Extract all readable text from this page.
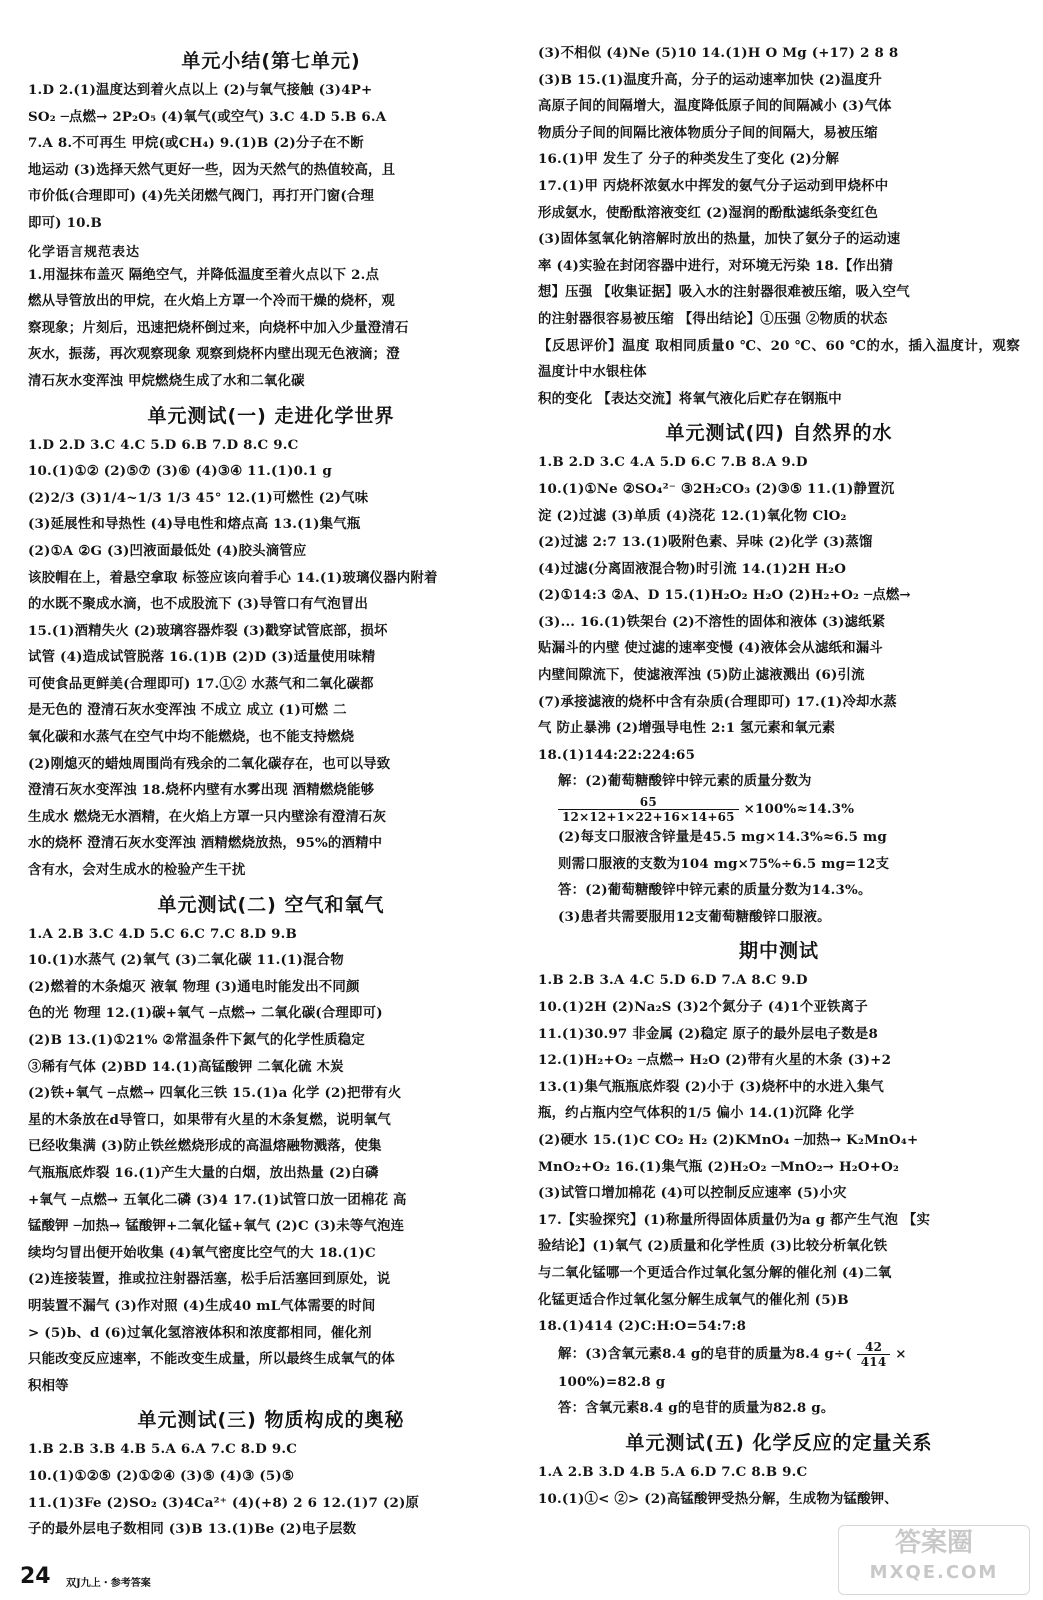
单元小结(第七单元)

1.D 2.(1)温度达到着火点以上 (2)与氧气接触 (3)4P+

SO₂ ─点燃→ 2P₂O₅ (4)氧气(或空气) 3.C 4.D 5.B 6.A

7.A 8.不可再生 甲烷(或CH₄) 9.(1)B (2)分子在不断

地运动 (3)选择天然气更好一些，因为天然气的热值较高，且

市价低(合理即可) (4)先关闭燃气阀门，再打开门窗(合理

即可) 10.B

化学语言规范表达

1.用湿抹布盖灭 隔绝空气，并降低温度至着火点以下 2.点

燃从导管放出的甲烷，在火焰上方罩一个冷而干燥的烧杯，观

察现象；片刻后，迅速把烧杯倒过来，向烧杯中加入少量澄清石

灰水，振荡，再次观察现象 观察到烧杯内壁出现无色液滴；澄

清石灰水变浑浊 甲烷燃烧生成了水和二氧化碳

单元测试(一) 走进化学世界

1.D 2.D 3.C 4.C 5.D 6.B 7.D 8.C 9.C

10.(1)①② (2)⑤⑦ (3)⑥ (4)③④ 11.(1)0.1 g

(2)2/3 (3)1/4~1/3 1/3 45° 12.(1)可燃性 (2)气味

(3)延展性和导热性 (4)导电性和熔点高 13.(1)集气瓶

(2)①A ②G (3)凹液面最低处 (4)胶头滴管应

该胶帽在上，着悬空拿取 标签应该向着手心 14.(1)玻璃仪器内附着

的水既不聚成水滴，也不成股流下 (3)导管口有气泡冒出

15.(1)酒精失火 (2)玻璃容器炸裂 (3)戳穿试管底部，损坏

试管 (4)造成试管脱落 16.(1)B (2)D (3)适量使用味精

可使食品更鲜美(合理即可) 17.①② 水蒸气和二氧化碳都

是无色的 澄清石灰水变浑浊 不成立 成立 (1)可燃 二

氧化碳和水蒸气在空气中均不能燃烧，也不能支持燃烧

(2)刚熄灭的蜡烛周围尚有残余的二氧化碳存在，也可以导致

澄清石灰水变浑浊 18.烧杯内壁有水雾出现 酒精燃烧能够

生成水 燃烧无水酒精，在火焰上方罩一只内壁涂有澄清石灰

水的烧杯 澄清石灰水变浑浊 酒精燃烧放热，95%的酒精中

含有水，会对生成水的检验产生干扰

单元测试(二) 空气和氧气

1.A 2.B 3.C 4.D 5.C 6.C 7.C 8.D 9.B

10.(1)水蒸气 (2)氧气 (3)二氧化碳 11.(1)混合物

(2)燃着的木条熄灭 液氧 物理 (3)通电时能发出不同颜

色的光 物理 12.(1)碳+氧气 ─点燃→ 二氧化碳(合理即可)

(2)B 13.(1)①21% ②常温条件下氮气的化学性质稳定

③稀有气体 (2)BD 14.(1)高锰酸钾 二氧化硫 木炭

(2)铁+氧气 ─点燃→ 四氧化三铁 15.(1)a 化学 (2)把带有火

星的木条放在d导管口，如果带有火星的木条复燃，说明氧气

已经收集满 (3)防止铁丝燃烧形成的高温熔融物溅落，使集

气瓶瓶底炸裂 16.(1)产生大量的白烟，放出热量 (2)白磷

+氧气 ─点燃→ 五氧化二磷 (3)4 17.(1)试管口放一团棉花 高

锰酸钾 ─加热→ 锰酸钾+二氧化锰+氧气 (2)C (3)未等气泡连

续均匀冒出便开始收集 (4)氧气密度比空气的大 18.(1)C

(2)连接装置，推或拉注射器活塞，松手后活塞回到原处，说

明装置不漏气 (3)作对照 (4)生成40 mL气体需要的时间

> (5)b、d (6)过氧化氢溶液体积和浓度都相同，催化剂

只能改变反应速率，不能改变生成量，所以最终生成氧气的体

积相等

单元测试(三) 物质构成的奥秘

1.B 2.B 3.B 4.B 5.A 6.A 7.C 8.D 9.C

10.(1)①②⑤ (2)①②④ (3)⑤ (4)③ (5)⑤

11.(1)3Fe (2)SO₂ (3)4Ca²⁺ (4)(+8) 2 6 12.(1)7 (2)原

子的最外层电子数相同 (3)B 13.(1)Be (2)电子层数

(3)不相似 (4)Ne (5)10 14.(1)H O Mg (+17) 2 8 8

(3)B 15.(1)温度升高，分子的运动速率加快 (2)温度升

高原子间的间隔增大，温度降低原子间的间隔减小 (3)气体

物质分子间的间隔比液体物质分子间的间隔大，易被压缩

16.(1)甲 发生了 分子的种类发生了变化 (2)分解

17.(1)甲 丙烧杯浓氨水中挥发的氨气分子运动到甲烧杯中

形成氨水，使酚酞溶液变红 (2)湿润的酚酞滤纸条变红色

(3)固体氢氧化钠溶解时放出的热量，加快了氨分子的运动速

率 (4)实验在封闭容器中进行，对环境无污染 18.【作出猜

想】压强 【收集证据】吸入水的注射器很难被压缩，吸入空气

的注射器很容易被压缩 【得出结论】①压强 ②物质的状态

【反思评价】温度 取相同质量0 ℃、20 ℃、60 ℃的水，插入温度计，观察温度计中水银柱体

积的变化 【表达交流】将氧气液化后贮存在钢瓶中

单元测试(四) 自然界的水

1.B 2.D 3.C 4.A 5.D 6.C 7.B 8.A 9.D

10.(1)①Ne ②SO₄²⁻ ③2H₂CO₃ (2)③⑤ 11.(1)静置沉

淀 (2)过滤 (3)单质 (4)浇花 12.(1)氧化物 ClO₂

(2)过滤 2:7 13.(1)吸附色素、异味 (2)化学 (3)蒸馏

(4)过滤(分离固液混合物)时引流 14.(1)2H H₂O

(2)①14:3 ②A、D 15.(1)H₂O₂ H₂O (2)H₂+O₂ ─点燃→

(3)... 16.(1)铁架台 (2)不溶性的固体和液体 (3)滤纸紧

贴漏斗的内壁 使过滤的速率变慢 (4)液体会从滤纸和漏斗

内壁间隙流下，使滤液浑浊 (5)防止滤液溅出 (6)引流

(7)承接滤液的烧杯中含有杂质(合理即可) 17.(1)冷却水蒸

气 防止暴沸 (2)增强导电性 2:1 氢元素和氧元素

18.(1)144:22:224:65

解：(2)葡萄糖酸锌中锌元素的质量分数为

$\frac{65}{12\times 12+1\times 22+16\times 14+65} \times 100\%\approx 14.3\%$

(2)每支口服液含锌量是45.5 mg×14.3%≈6.5 mg

则需口服液的支数为104 mg×75%÷6.5 mg=12支

答：(2)葡萄糖酸锌中锌元素的质量分数为14.3%。

(3)患者共需要服用12支葡萄糖酸锌口服液。

期中测试

1.B 2.B 3.A 4.C 5.D 6.D 7.A 8.C 9.D

10.(1)2H (2)Na₂S (3)2个氮分子 (4)1个亚铁离子

11.(1)30.97 非金属 (2)稳定 原子的最外层电子数是8

12.(1)H₂+O₂ ─点燃→ H₂O (2)带有火星的木条 (3)+2

13.(1)集气瓶瓶底炸裂 (2)小于 (3)烧杯中的水进入集气

瓶，约占瓶内空气体积的1/5 偏小 14.(1)沉降 化学

(2)硬水 15.(1)C CO₂ H₂ (2)KMnO₄ ─加热→ K₂MnO₄+

MnO₂+O₂ 16.(1)集气瓶 (2)H₂O₂ ─MnO₂→ H₂O+O₂

(3)试管口增加棉花 (4)可以控制反应速率 (5)小灾

17.【实验探究】(1)称量所得固体质量仍为a g 都产生气泡 【实

验结论】(1)氧气 (2)质量和化学性质 (3)比较分析氧化铁

与二氧化锰哪一个更适合作过氧化氢分解的催化剂 (4)二氧

化锰更适合作过氧化氢分解生成氧气的催化剂 (5)B

18.(1)414 (2)C:H:O=54:7:8

解：(3)含氧元素8.4 g的皂苷的质量为8.4 $g\div( \frac{42}{414}$ ×

100%)=82.8 g

答：含氧元素8.4 g的皂苷的质量为82.8 g。

单元测试(五) 化学反应的定量关系

1.A 2.B 3.D 4.B 5.A 6.D 7.C 8.B 9.C

10.(1)①< ②> (2)高锰酸钾受热分解，生成物为锰酸钾、

24 双J九上・参考答案
答案圈
MXQE.COM
